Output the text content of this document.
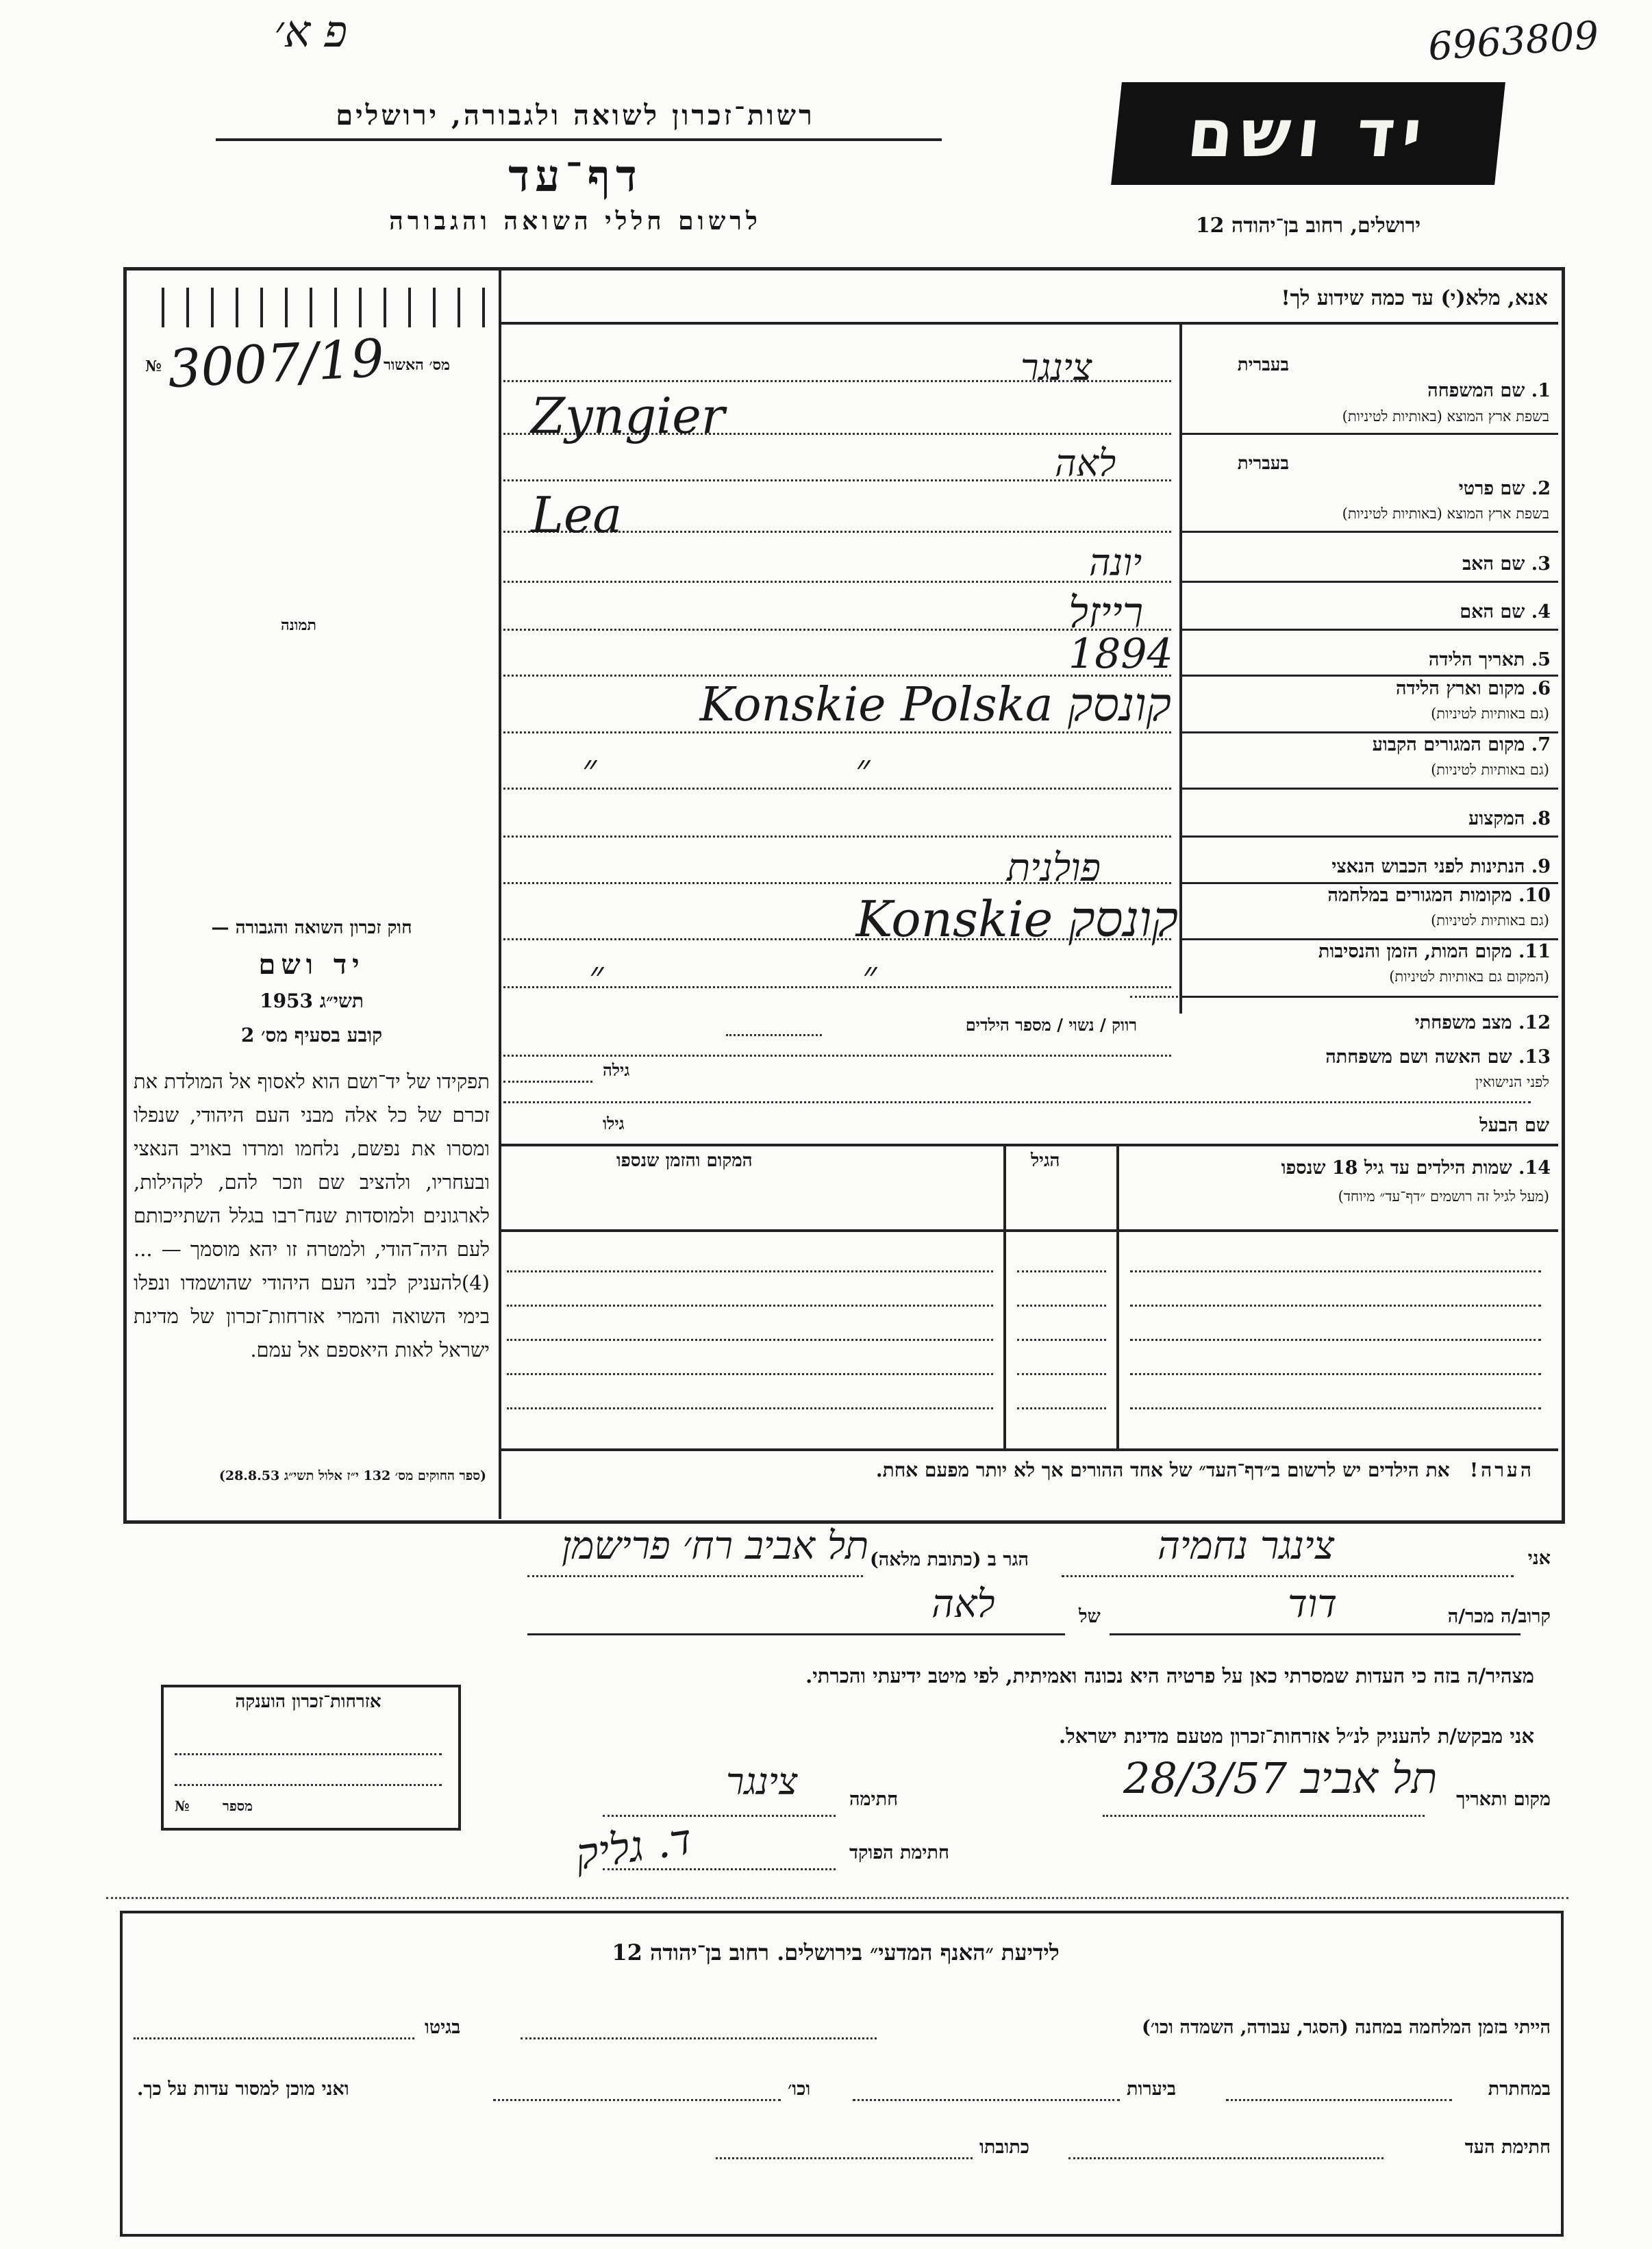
פ א׳	6963809
רשות־זכרון לשואה ולגבורה, ירושלים
דף־עד
לרשום חללי השואה והגבורה
יד ושם
ירושלים, רחוב בן־יהודה 12
אנא, מלא(י) עד כמה שידוע לך!
№ 3007/19
מס׳ האשור
תמונה
בעברית
1. שם המשפחה
בשפת ארץ המוצא (באותיות לטיניות)
בעברית
2. שם פרטי
בשפת ארץ המוצא (באותיות לטיניות)
3. שם האב
4. שם האם
5. תאריך הלידה
6. מקום וארץ הלידה
(גם באותיות לטיניות)
7. מקום המגורים הקבוע
(גם באותיות לטיניות)
8. המקצוע
9. הנתינות לפני הכבוש הנאצי
10. מקומות המגורים במלחמה
(גם באותיות לטיניות)
11. מקום המות, הזמן והנסיבות
(המקום גם באותיות לטיניות)
12. מצב משפחתי
13. שם האשה ושם משפחתה
לפני הנישואין
שם הבעל
צינגר
Zyngier
לאה
Lea
יונה
רייזל
1894
קונסק Konskie Polska
״ ״
פולנית
קונסק Konskie
״ ״
רווק / נשוי / מספר הילדים
גילה
גילו
14. שמות הילדים עד גיל 18 שנספו
(מעל לגיל זה רושמים ״דף־עד״ מיוחד)
הגיל
המקום והזמן שנספו
הערה!   את הילדים יש לרשום ב״דף־העד״ של אחד ההורים אך לא יותר מפעם אחת.
חוק זכרון השואה והגבורה —
יד ושם
תשי״ג 1953
קובע בסעיף מס׳ 2
תפקידו של יד־ושם הוא לאסוף אל המולדת את זכרם של כל אלה מבני העם היהודי, שנפלו ומסרו את נפשם, נלחמו ומרדו באויב הנאצי ובעחריו, ולהציב שם וזכר להם, לקהילות, לארגונים ולמוסדות שנח־רבו בגלל השתייכותם לעם היה־הודי, ולמטרה זו יהא מוסמך — ...(4)להעניק לבני העם היהודי שהושמדו ונפלו בימי השואה והמרי אזרחות־זכרון של מדינת ישראל לאות היאספם אל עמם.
(ספר החוקים מס׳ 132 י״ז אלול תשי״ג 28.8.53)
אני
צינגר נחמיה
הגר ב (כתובת מלאה)
תל אביב רח׳ פרישמן
קרוב/ה מכר/ה
דוד
של
לאה
מצהיר/ה בזה כי העדות שמסרתי כאן על פרטיה היא נכונה ואמיתית, לפי מיטב ידיעתי והכרתי.
אני מבקש/ת להעניק לנ״ל אזרחות־זכרון מטעם מדינת ישראל.
מקום ותאריך
תל אביב 28/3/57
חתימה
צינגר
חתימת הפוקד
ד. גליק
אזרחות־זכרון הוענקה
מספר
№
לידיעת ״האנף המדעי״ בירושלים. רחוב בן־יהודה 12
הייתי בזמן המלחמה במחנה (הסגר, עבודה, השמדה וכו׳)
בגיטו
במחתרת
ביערות
וכו׳
ואני מוכן למסור עדות על כך.
חתימת העד
כתובתו
